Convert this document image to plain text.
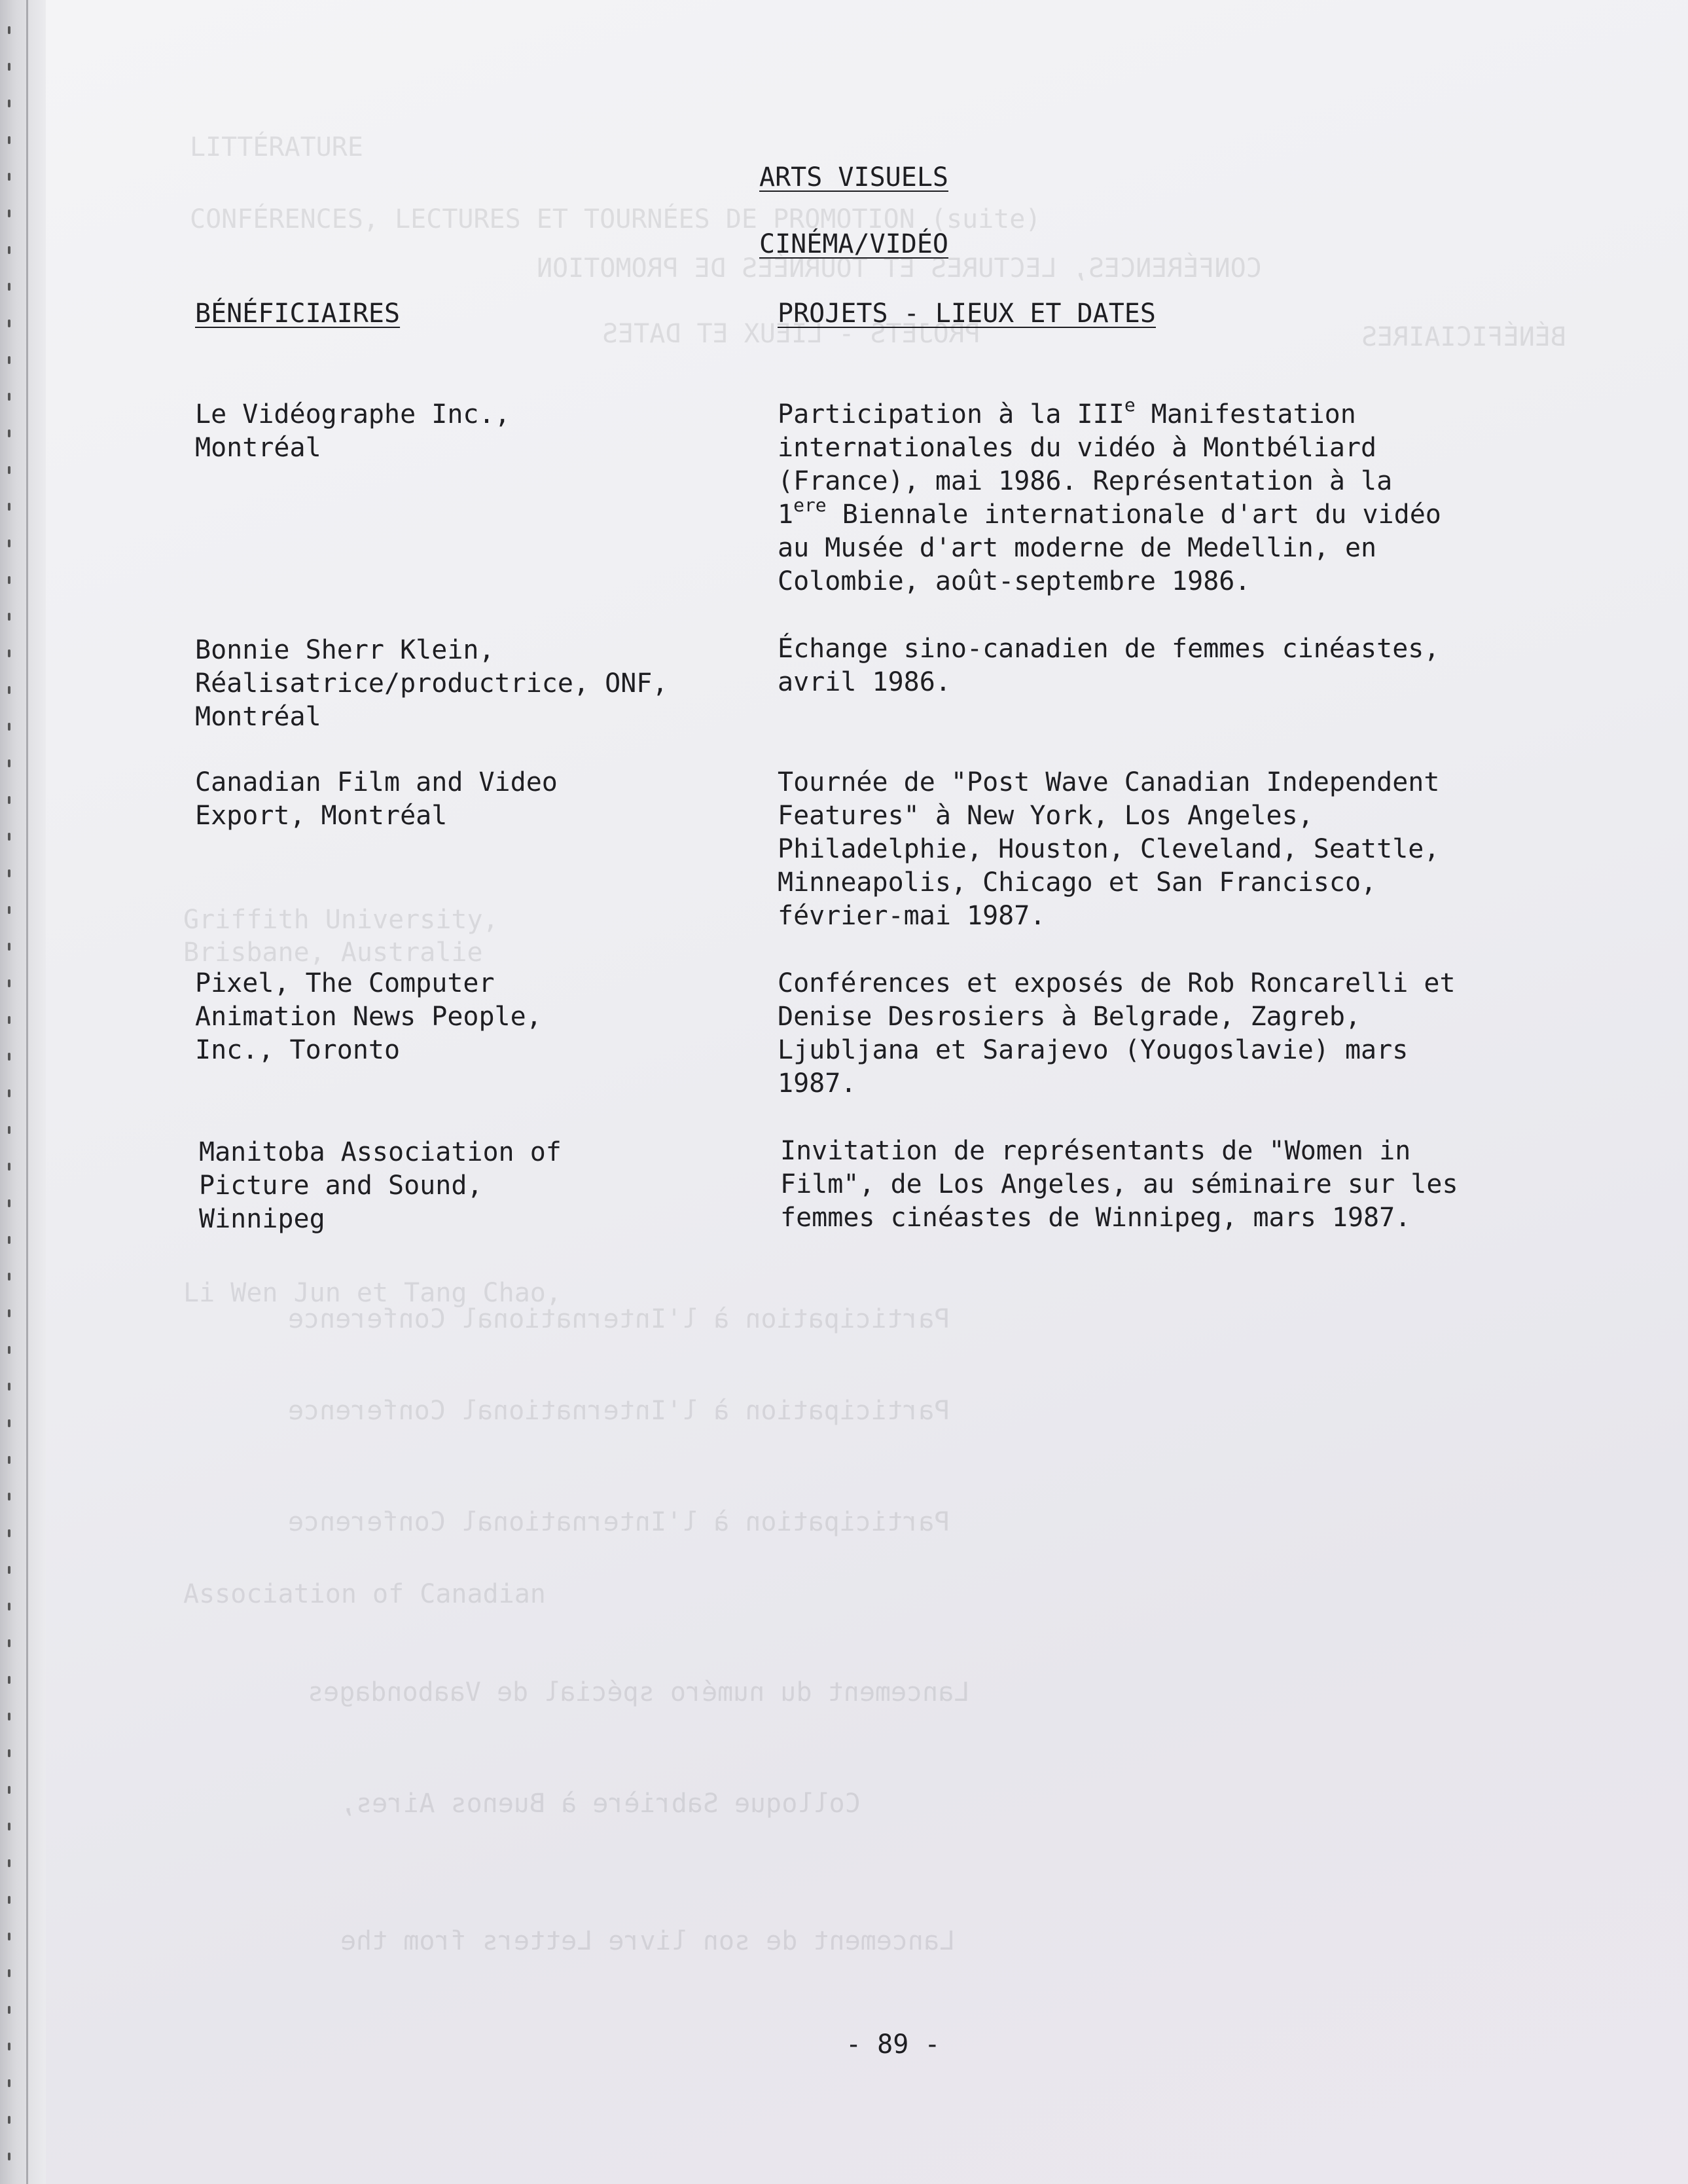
LITTÉRATURE
CONFÉRENCES, LECTURES ET TOURNÉES DE PROMOTION (suite)
CONFÉRENCES, LECTURES ET TOURNÉES DE PROMOTION
PROJETS - LIEUX ET DATES	BÉNÉFICIAIRES
Griffith University,
Brisbane, Australie
Li Wen Jun et Tang Chao,
Participation à l'International Conference
Participation à l'International Conference
Participation à l'International Conference
Association of Canadian
Lancement du numéro spécial de Vaabondages
Colloque Sabrière à Buenos Aires,
Lancement de son livre Letters from the
ARTS VISUELS
CINÉMA/VIDÉO
BÉNÉFICIAIRES	PROJETS - LIEUX ET DATES
Le Vidéographe Inc.,
Montréal
Participation à la IIIe Manifestation
internationales du vidéo à Montbéliard
(France), mai 1986. Représentation à la
1ere Biennale internationale d'art du vidéo
au Musée d'art moderne de Medellin, en
Colombie, août-septembre 1986.
Bonnie Sherr Klein,
Réalisatrice/productrice, ONF,
Montréal
Échange sino-canadien de femmes cinéastes,
avril 1986.
Canadian Film and Video
Export, Montréal
Tournée de "Post Wave Canadian Independent
Features" à New York, Los Angeles,
Philadelphie, Houston, Cleveland, Seattle,
Minneapolis, Chicago et San Francisco,
février-mai 1987.
Pixel, The Computer
Animation News People,
Inc., Toronto
Conférences et exposés de Rob Roncarelli et
Denise Desrosiers à Belgrade, Zagreb,
Ljubljana et Sarajevo (Yougoslavie) mars
1987.
Manitoba Association of
Picture and Sound,
Winnipeg
Invitation de représentants de "Women in
Film", de Los Angeles, au séminaire sur les
femmes cinéastes de Winnipeg, mars 1987.
- 89 -
